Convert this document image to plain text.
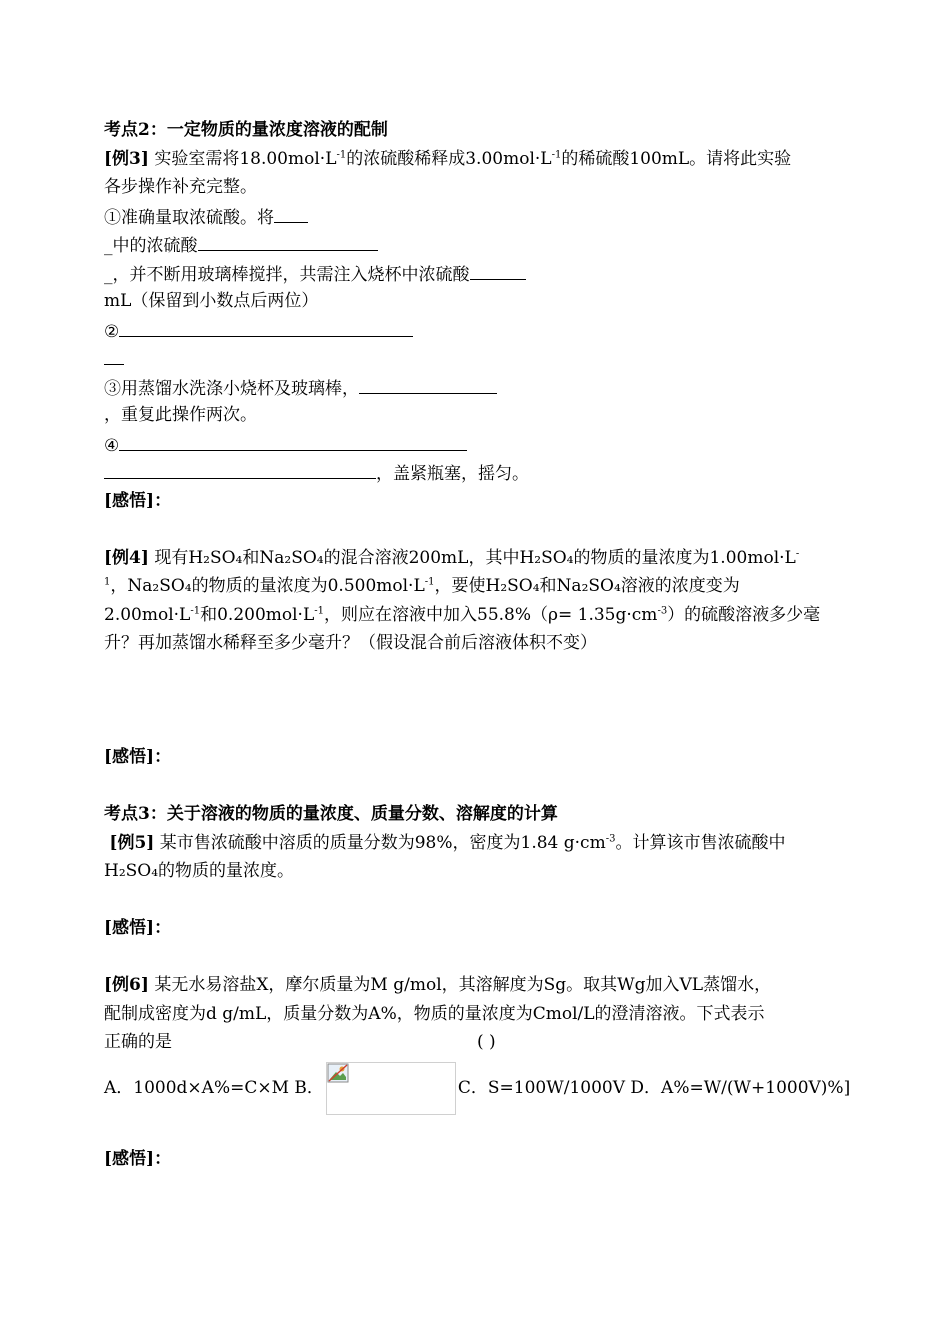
考点2：一定物质的量浓度溶液的配制
[例3] 实验室需将$18.00mol\cdot L^{-1}$的浓硫酸稀释成$3.00mol\cdot L^{-1}$的稀硫酸100mL。请将此实验
各步操作补充完整。
①准确量取浓硫酸。将
_中的浓硫酸
_，并不断用玻璃棒搅拌，共需注入烧杯中浓硫酸
mL（保留到小数点后两位）
②
③用蒸馏水洗涤小烧杯及玻璃棒，
，重复此操作两次。
④
，盖紧瓶塞，摇匀。
[感悟]：
[例4] 现有H₂SO₄和Na₂SO₄的混合溶液200mL，其中H₂SO₄的物质的量浓度为1.00mol·L-
$^1$，Na₂SO₄的物质的量浓度为$0.500mol\cdot L^{-1}$，要使H₂SO₄和Na₂SO₄溶液的浓度变为
$2.00mol\cdot L^{-1}$和$0.200mol\cdot L^{-1}$，则应在溶液中加入$55.8\%(\rho= 1.35g\cdot cm^{-3})$的硫酸溶液多少毫
升？再加蒸馏水稀释至多少毫升？（假设混合前后溶液体积不变）
[感悟]：
考点3：关于溶液的物质的量浓度、质量分数、溶解度的计算
[例5] 某市售浓硫酸中溶质的质量分数为98%，密度为1.84 $g\cdot cm^{-3}$。计算该市售浓硫酸中
H₂SO₄的物质的量浓度。
[感悟]：
[例6] 某无水易溶盐X，摩尔质量为M g/mol，其溶解度为Sg。取其Wg加入VL蒸馏水，
配制成密度为d g/mL，质量分数为A%，物质的量浓度为Cmol/L的澄清溶液。下式表示
正确的是	( )
A．1000d×A%=C×M B．	C．S=100W/1000V D．A%=W/(W+1000V)%]
[感悟]：
